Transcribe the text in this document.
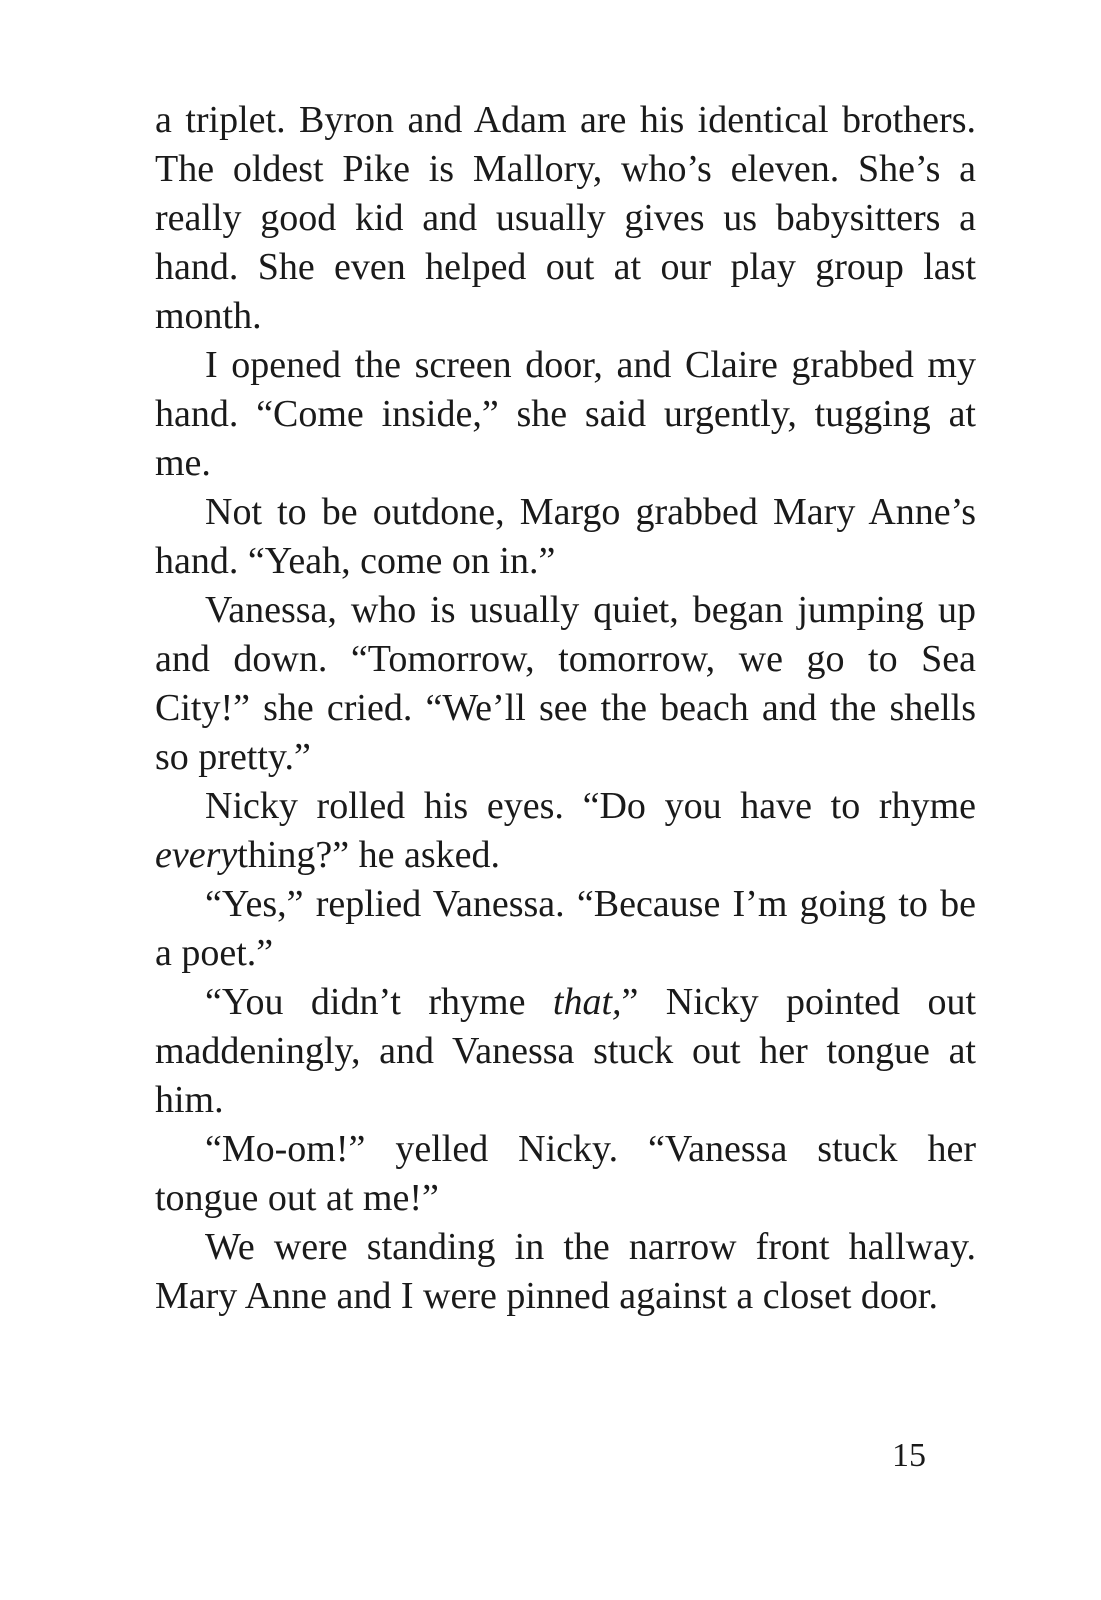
a triplet. Byron and Adam are his identical brothers. The oldest Pike is Mallory, who’s eleven. She’s a really good kid and usually gives us babysitters a hand. She even helped out at our play group last month.

I opened the screen door, and Claire grabbed my hand. “Come inside,” she said urgently, tugging at me.

Not to be outdone, Margo grabbed Mary Anne’s hand. “Yeah, come on in.”

Vanessa, who is usually quiet, began jumping up and down. “Tomorrow, tomorrow, we go to Sea City!” she cried. “We’ll see the beach and the shells so pretty.”

Nicky rolled his eyes. “Do you have to rhyme everything?” he asked.

“Yes,” replied Vanessa. “Because I’m going to be a poet.”

“You didn’t rhyme that,” Nicky pointed out maddeningly, and Vanessa stuck out her tongue at him.

“Mo-om!” yelled Nicky. “Vanessa stuck her tongue out at me!”

We were standing in the narrow front hallway. Mary Anne and I were pinned against a closet door.

15
